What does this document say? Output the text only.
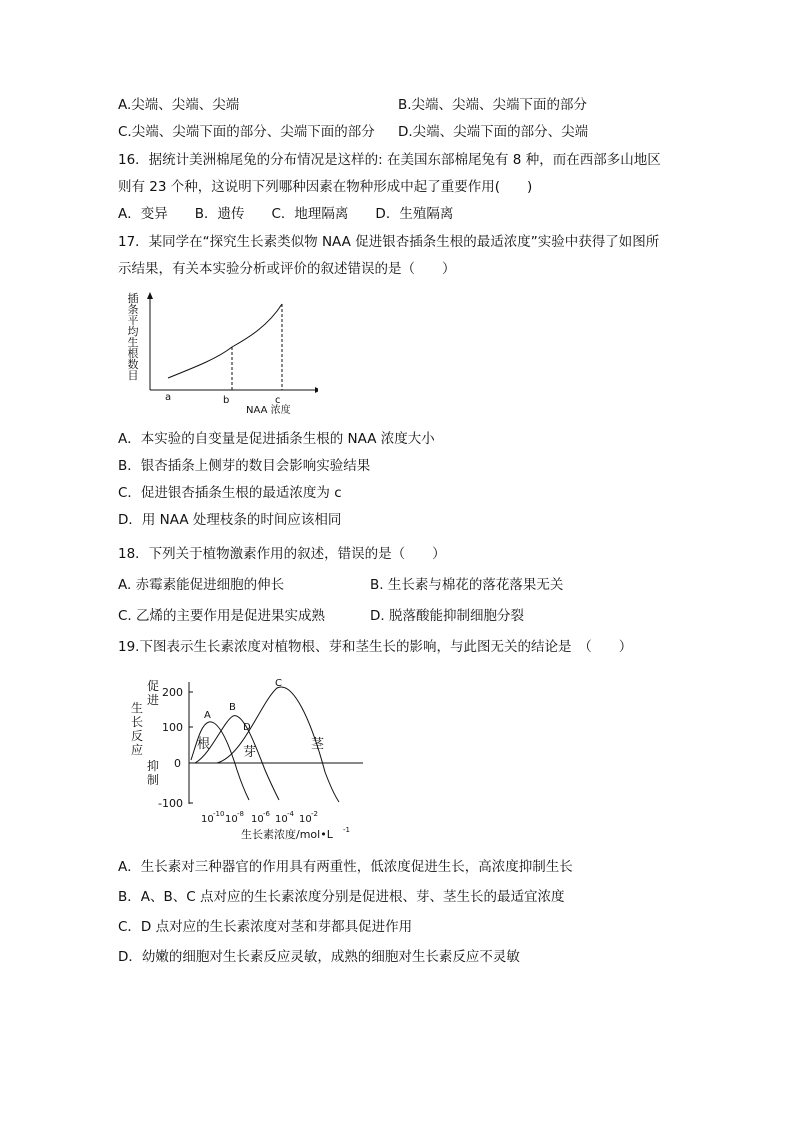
A.尖端、尖端、尖端	B.尖端、尖端、尖端下面的部分
C.尖端、尖端下面的部分、尖端下面的部分 D.尖端、尖端下面的部分、尖端
16．据统计美洲棉尾兔的分布情况是这样的: 在美国东部棉尾兔有 8 种，而在西部多山地区
则有 23 个种，这说明下列哪种因素在物种形成中起了重要作用(　　)
A．变异　　B．遗传　　C．地理隔离　　D．生殖隔离
17．某同学在“探究生长素类似物 NAA 促进银杏插条生根的最适浓度”实验中获得了如图所
示结果，有关本实验分析或评价的叙述错误的是（　　）
插条平均生根数目
a	b	c
NAA 浓度
A．本实验的自变量是促进插条生根的 NAA 浓度大小
B．银杏插条上侧芽的数目会影响实验结果
C．促进银杏插条生根的最适浓度为 c
D．用 NAA 处理枝条的时间应该相同
18．下列关于植物激素作用的叙述，错误的是（　　）
A. 赤霉素能促进细胞的伸长	B. 生长素与棉花的落花落果无关
C. 乙烯的主要作用是促进果实成熟	D. 脱落酸能抑制细胞分裂
19.下图表示生长素浓度对植物根、芽和茎生长的影响，与此图无关的结论是　（　　）
生长反应
促进
抑制
200
100
0
-100
A
B
C
D
根
芽
茎
10 -10 10 -8 10 -6 10 -4 10 -2
生长素浓度/mol•L -1
A．生长素对三种器官的作用具有两重性，低浓度促进生长，高浓度抑制生长
B．A、B、C 点对应的生长素浓度分别是促进根、芽、茎生长的最适宜浓度
C．D 点对应的生长素浓度对茎和芽都具促进作用
D．幼嫩的细胞对生长素反应灵敏，成熟的细胞对生长素反应不灵敏
